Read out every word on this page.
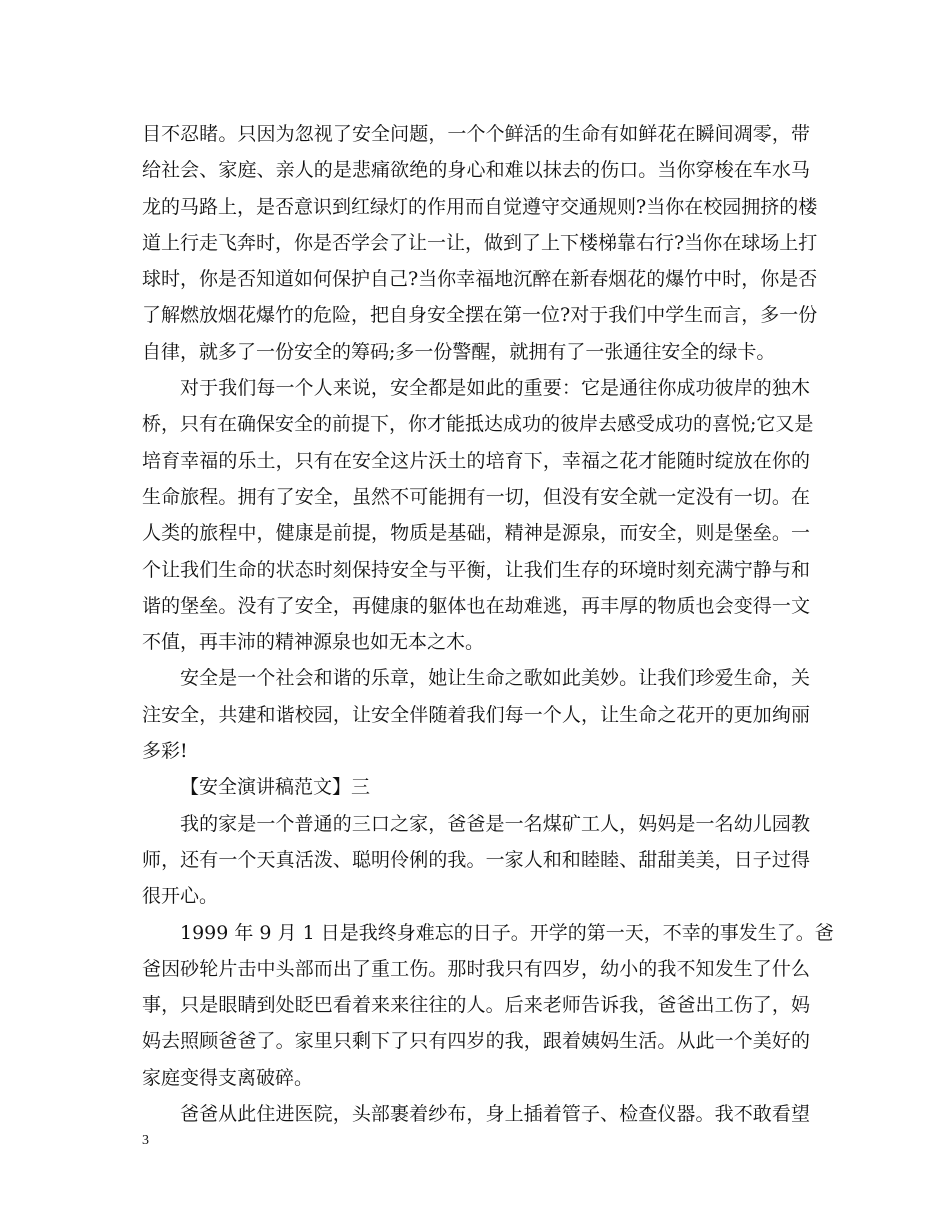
目不忍睹。只因为忽视了安全问题，一个个鲜活的生命有如鲜花在瞬间凋零，带
给社会、家庭、亲人的是悲痛欲绝的身心和难以抹去的伤口。当你穿梭在车水马
龙的马路上，是否意识到红绿灯的作用而自觉遵守交通规则?当你在校园拥挤的楼
道上行走飞奔时，你是否学会了让一让，做到了上下楼梯靠右行?当你在球场上打
球时，你是否知道如何保护自己?当你幸福地沉醉在新春烟花的爆竹中时，你是否
了解燃放烟花爆竹的危险，把自身安全摆在第一位?对于我们中学生而言，多一份
自律，就多了一份安全的筹码;多一份警醒，就拥有了一张通往安全的绿卡。
对于我们每一个人来说，安全都是如此的重要：它是通往你成功彼岸的独木
桥，只有在确保安全的前提下，你才能抵达成功的彼岸去感受成功的喜悦;它又是
培育幸福的乐土，只有在安全这片沃土的培育下，幸福之花才能随时绽放在你的
生命旅程。拥有了安全，虽然不可能拥有一切，但没有安全就一定没有一切。在
人类的旅程中，健康是前提，物质是基础，精神是源泉，而安全，则是堡垒。一
个让我们生命的状态时刻保持安全与平衡，让我们生存的环境时刻充满宁静与和
谐的堡垒。没有了安全，再健康的躯体也在劫难逃，再丰厚的物质也会变得一文
不值，再丰沛的精神源泉也如无本之木。
安全是一个社会和谐的乐章，她让生命之歌如此美妙。让我们珍爱生命，关
注安全，共建和谐校园，让安全伴随着我们每一个人，让生命之花开的更加绚丽
多彩!
【安全演讲稿范文】三
我的家是一个普通的三口之家，爸爸是一名煤矿工人，妈妈是一名幼儿园教
师，还有一个天真活泼、聪明伶俐的我。一家人和和睦睦、甜甜美美，日子过得
很开心。
1999 年 9 月 1 日是我终身难忘的日子。开学的第一天，不幸的事发生了。爸
爸因砂轮片击中头部而出了重工伤。那时我只有四岁，幼小的我不知发生了什么
事，只是眼睛到处眨巴看着来来往往的人。后来老师告诉我，爸爸出工伤了，妈
妈去照顾爸爸了。家里只剩下了只有四岁的我，跟着姨妈生活。从此一个美好的
家庭变得支离破碎。
爸爸从此住进医院，头部裹着纱布，身上插着管子、检查仪器。我不敢看望
3
